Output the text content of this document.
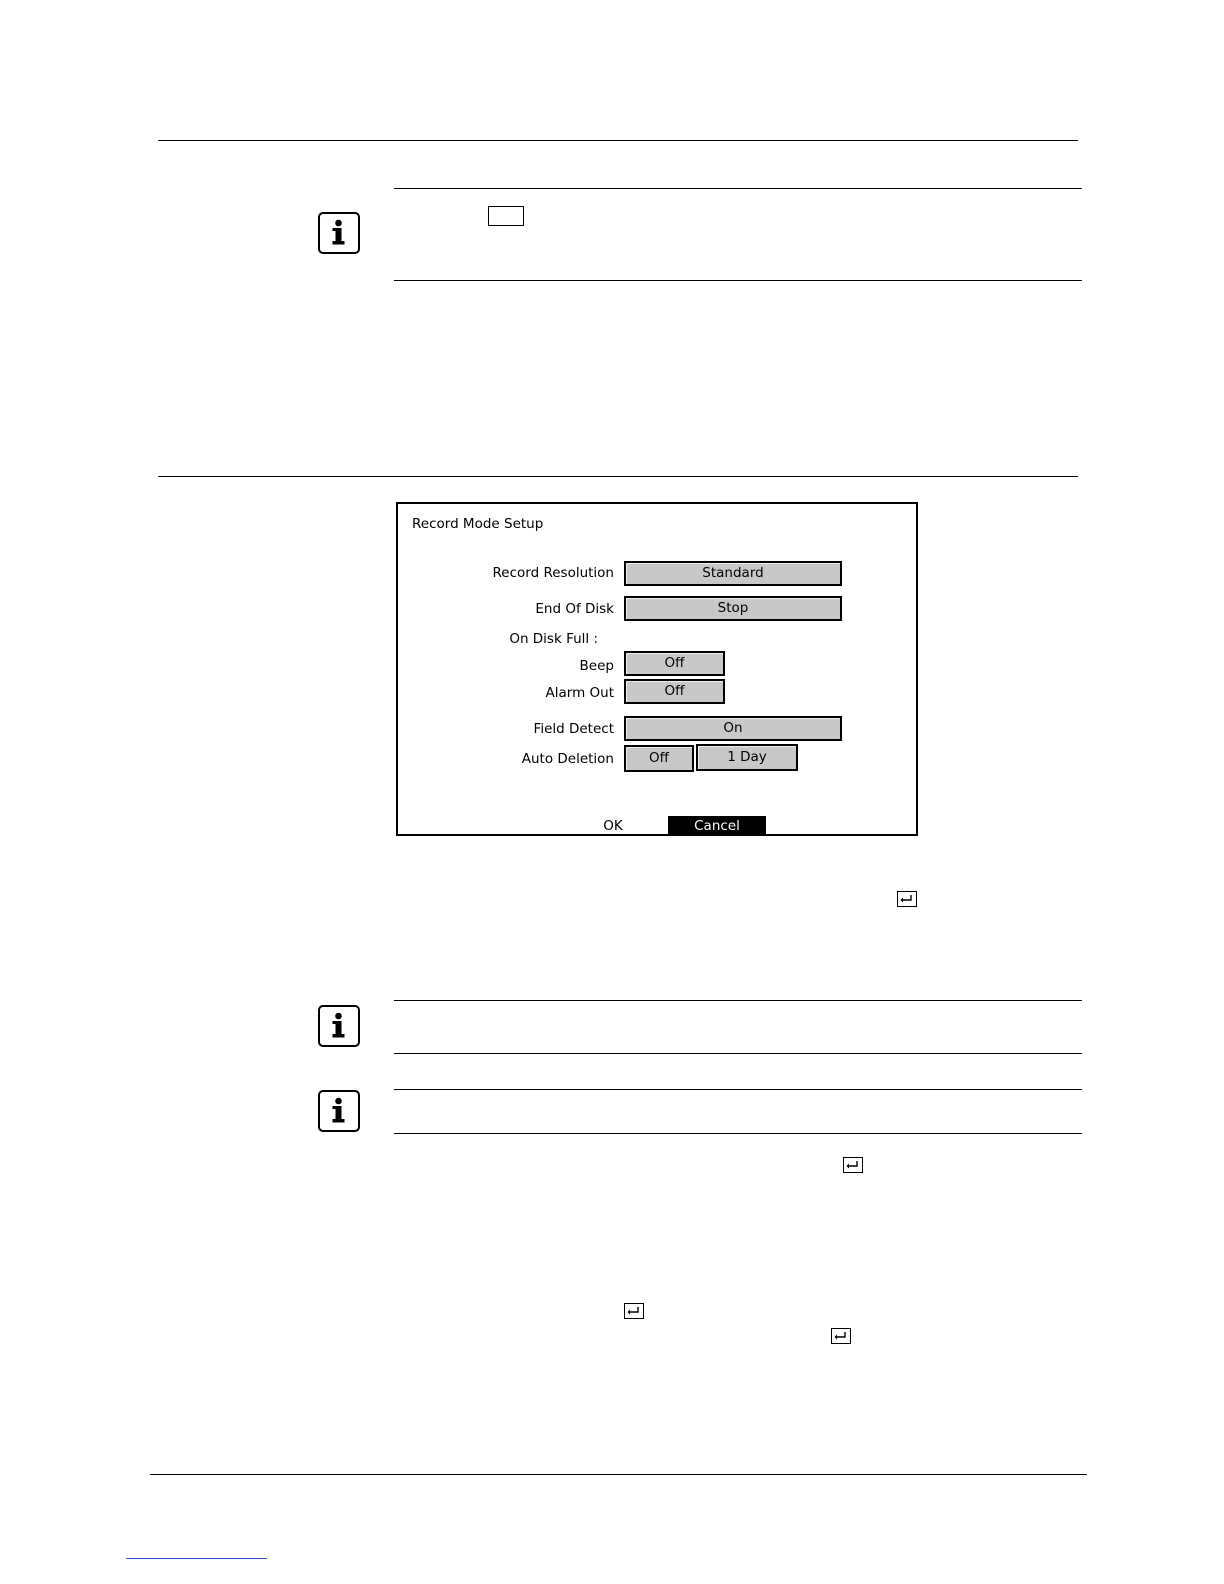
Record Mode Setup
Record Resolution	Standard
End Of Disk	Stop
On Disk Full :
Beep	Off
Alarm Out	Off
Field Detect	On
Auto Deletion	Off	1 Day
OK	Cancel
